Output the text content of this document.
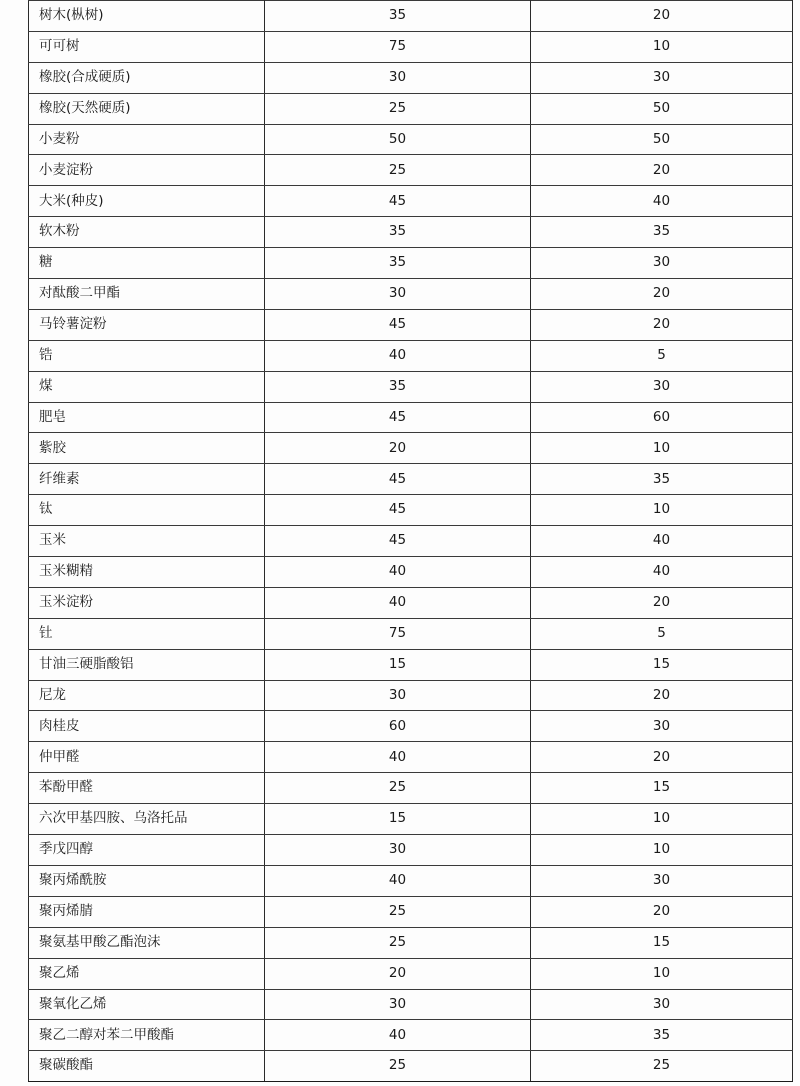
树木(枞树)	35	20
可可树	75	10
橡胶(合成硬质)	30	30
橡胶(天然硬质)	25	50
小麦粉	50	50
小麦淀粉	25	20
大米(种皮)	45	40
软木粉	35	35
糖	35	30
对酞酸二甲酯	30	20
马铃薯淀粉	45	20
锆	40	5
煤	35	30
肥皂	45	60
紫胶	20	10
纤维素	45	35
钛	45	10
玉米	45	40
玉米糊精	40	40
玉米淀粉	40	20
钍	75	5
甘油三硬脂酸铝	15	15
尼龙	30	20
肉桂皮	60	30
仲甲醛	40	20
苯酚甲醛	25	15
六次甲基四胺、乌洛托品	15	10
季戊四醇	30	10
聚丙烯酰胺	40	30
聚丙烯腈	25	20
聚氨基甲酸乙酯泡沫	25	15
聚乙烯	20	10
聚氧化乙烯	30	30
聚乙二醇对苯二甲酸酯	40	35
聚碳酸酯	25	25
